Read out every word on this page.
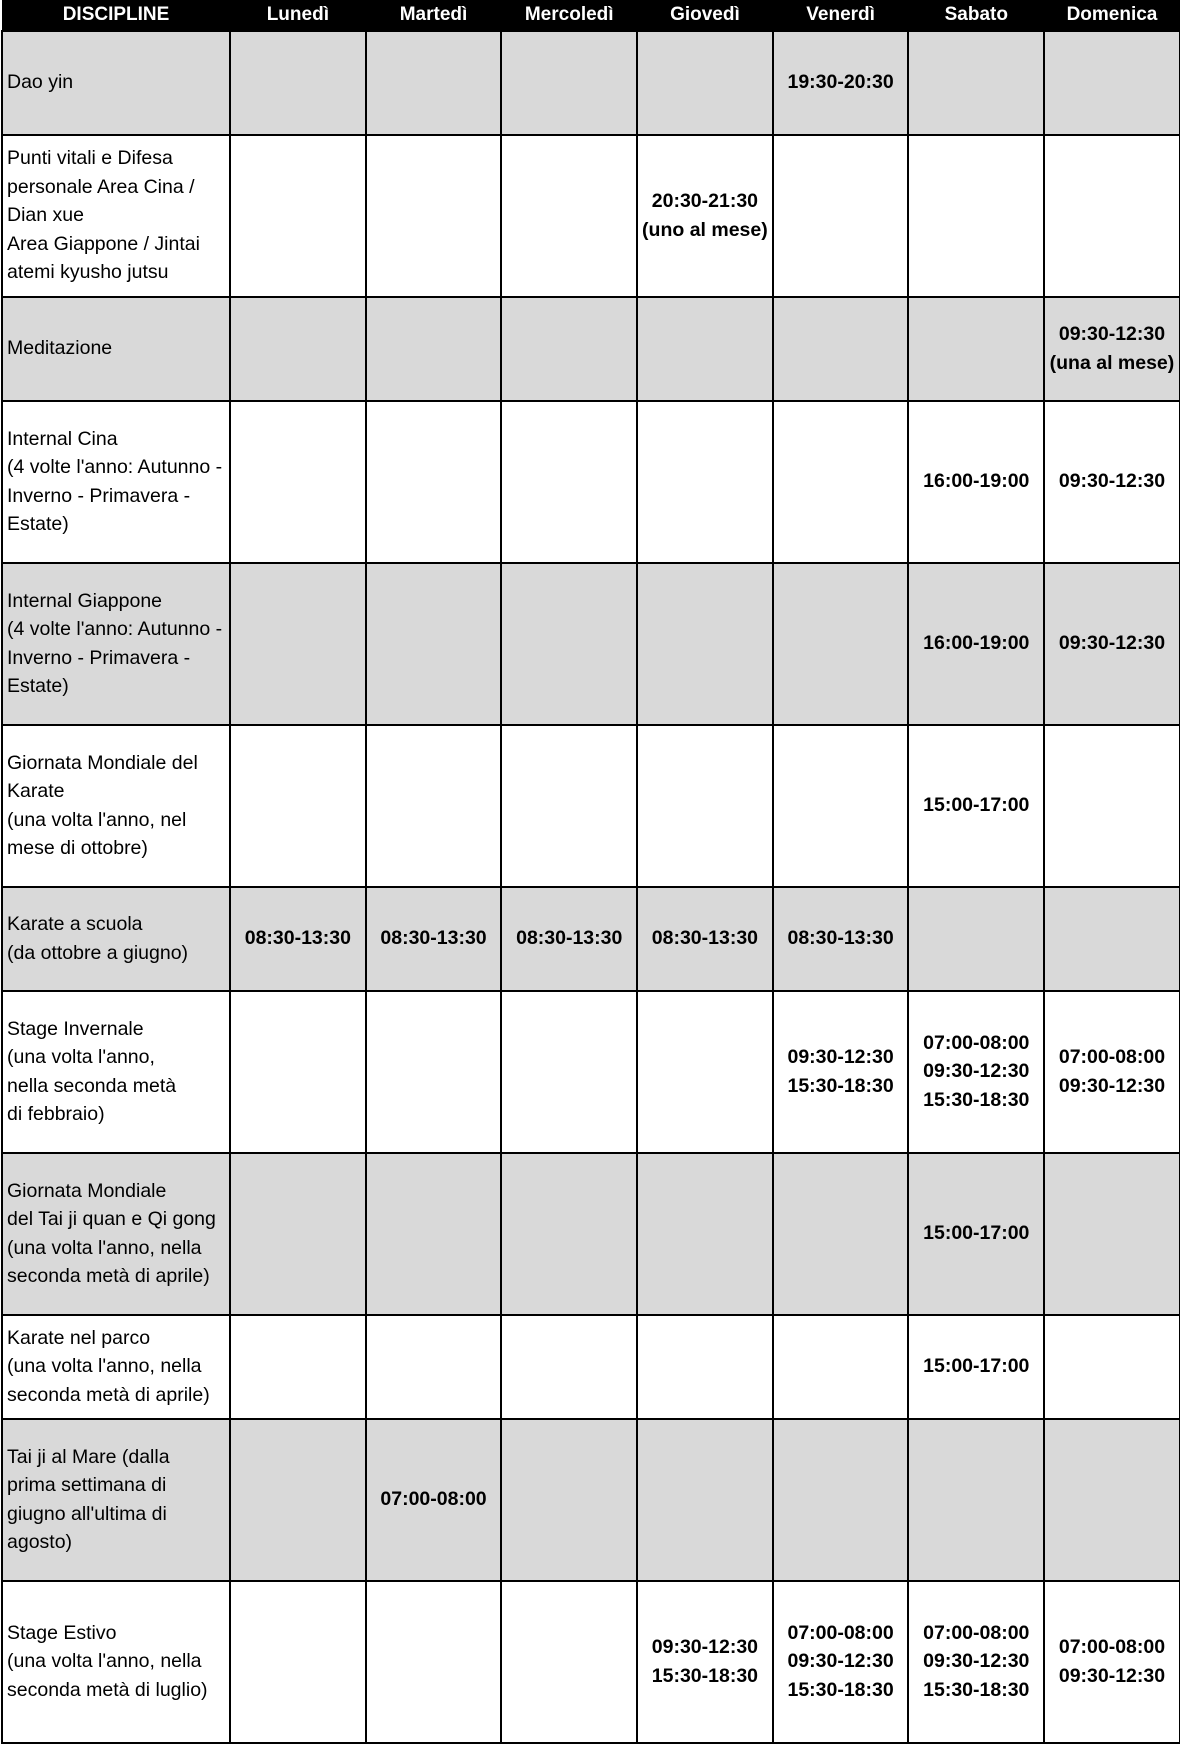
DISCIPLINE	Lunedì	Martedì	Mercoledì	Giovedì	Venerdì	Sabato	Domenica

Dao yin					19:30-20:30		

Punti vitali e Difesa
personale Area Cina /
Dian xue
Area Giappone / Jintai
atemi kyusho jutsu				20:30-21:30
(uno al mese)			

Meditazione							09:30-12:30
(una al mese)

Internal Cina
(4 volte l'anno: Autunno -
Inverno - Primavera -
Estate)						16:00-19:00	09:30-12:30

Internal Giappone
(4 volte l'anno: Autunno -
Inverno - Primavera -
Estate)						16:00-19:00	09:30-12:30

Giornata Mondiale del
Karate
(una volta l'anno, nel
mese di ottobre)						15:00-17:00	

Karate a scuola
(da ottobre a giugno)	08:30-13:30	08:30-13:30	08:30-13:30	08:30-13:30	08:30-13:30		

Stage Invernale
(una volta l'anno,
nella seconda metà
di febbraio)					09:30-12:30
15:30-18:30	07:00-08:00
09:30-12:30
15:30-18:30	07:00-08:00
09:30-12:30

Giornata Mondiale
del Tai ji quan e Qi gong
(una volta l'anno, nella
seconda metà di aprile)						15:00-17:00	

Karate nel parco
(una volta l'anno, nella
seconda metà di aprile)						15:00-17:00	

Tai ji al Mare (dalla
prima settimana di
giugno all'ultima di
agosto)		07:00-08:00					

Stage Estivo
(una volta l'anno, nella
seconda metà di luglio)				09:30-12:30
15:30-18:30	07:00-08:00
09:30-12:30
15:30-18:30	07:00-08:00
09:30-12:30
15:30-18:30	07:00-08:00
09:30-12:30
